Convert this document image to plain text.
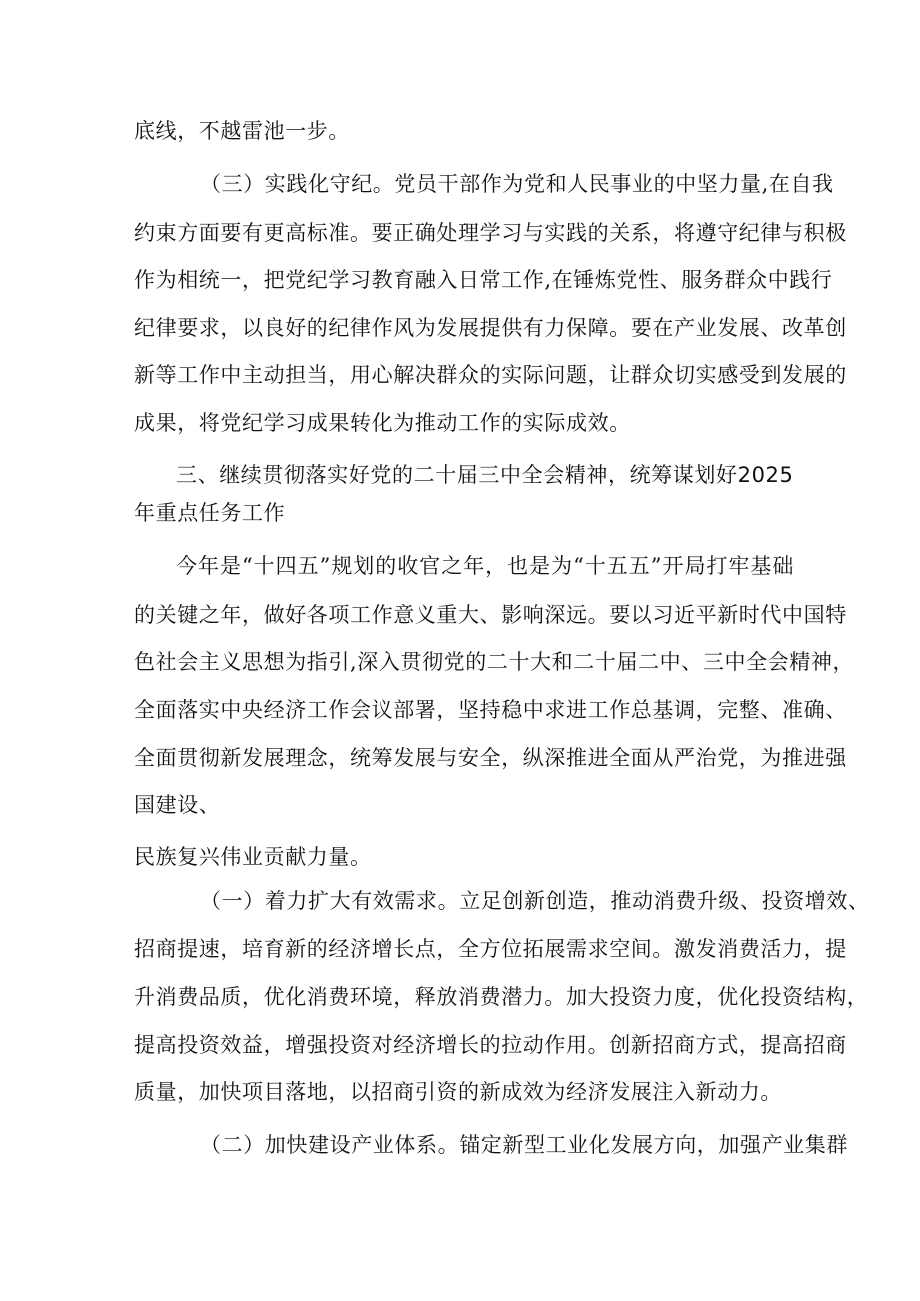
底线，不越雷池一步。
（三）实践化守纪。党员干部作为党和人民事业的中坚力量,在自我
约束方面要有更高标准。要正确处理学习与实践的关系，将遵守纪律与积极
作为相统一，把党纪学习教育融入日常工作,在锤炼党性、服务群众中践行
纪律要求，以良好的纪律作风为发展提供有力保障。要在产业发展、改革创
新等工作中主动担当，用心解决群众的实际问题，让群众切实感受到发展的
成果，将党纪学习成果转化为推动工作的实际成效。
三、继续贯彻落实好党的二十届三中全会精神，统筹谋划好2025
年重点任务工作
今年是“十四五”规划的收官之年，也是为“十五五”开局打牢基础
的关键之年，做好各项工作意义重大、影响深远。要以习近平新时代中国特
色社会主义思想为指引,深入贯彻党的二十大和二十届二中、三中全会精神，
全面落实中央经济工作会议部署，坚持稳中求进工作总基调，完整、准确、
全面贯彻新发展理念，统筹发展与安全，纵深推进全面从严治党，为推进强
国建设、
民族复兴伟业贡献力量。
（一）着力扩大有效需求。立足创新创造，推动消费升级、投资增效、
招商提速，培育新的经济增长点，全方位拓展需求空间。激发消费活力，提
升消费品质，优化消费环境，释放消费潜力。加大投资力度，优化投资结构，
提高投资效益，增强投资对经济增长的拉动作用。创新招商方式，提高招商
质量，加快项目落地，以招商引资的新成效为经济发展注入新动力。
（二）加快建设产业体系。锚定新型工业化发展方向，加强产业集群
